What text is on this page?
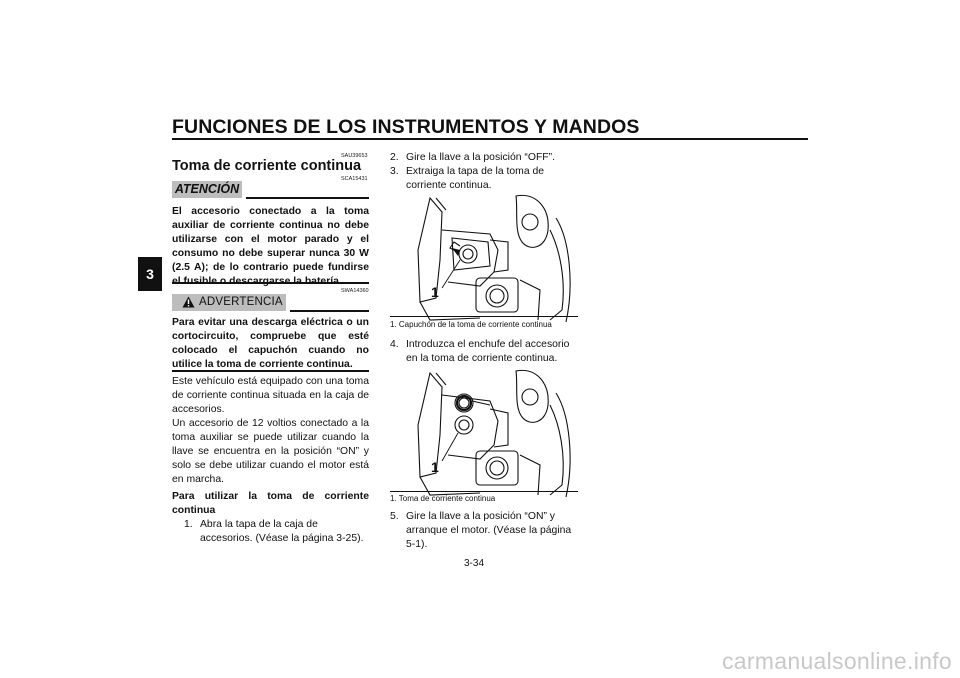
FUNCIONES DE LOS INSTRUMENTOS Y MANDOS
3
SAU39653
Toma de corriente continua
ATENCIÓN
SCA15431
El accesorio conectado a la toma auxiliar de corriente continua no debe utilizarse con el motor parado y el consumo no debe superar nunca 30 W (2.5 A); de lo contrario puede fundirse
ADVERTENCIA
SWA14360
Para evitar una descarga eléctrica o un cortocircuito, compruebe que esté colocado el capuchón cuando no utilice la toma de corriente continua.
Este vehículo está equipado con una toma de corriente continua situada en la caja de accesorios.
Un accesorio de 12 voltios conectado a la toma auxiliar se puede utilizar cuando la llave se encuentra en la posición “ON” y solo se debe utilizar cuando el motor está en marcha.
Para utilizar la toma de corriente continua
1. Abra la tapa de la caja de accesorios. (Véase la página 3-25).
2. Gire la llave a la posición “OFF”.
3. Extraiga la tapa de la toma de corriente continua.
1
1. Capuchón de la toma de corriente continua
4. Introduzca el enchufe del accesorio en la toma de corriente continua.
1
1. Toma de corriente continua
5. Gire la llave a la posición “ON” y arranque el motor. (Véase la página 5-1).
3-34
carmanualsonline.info
